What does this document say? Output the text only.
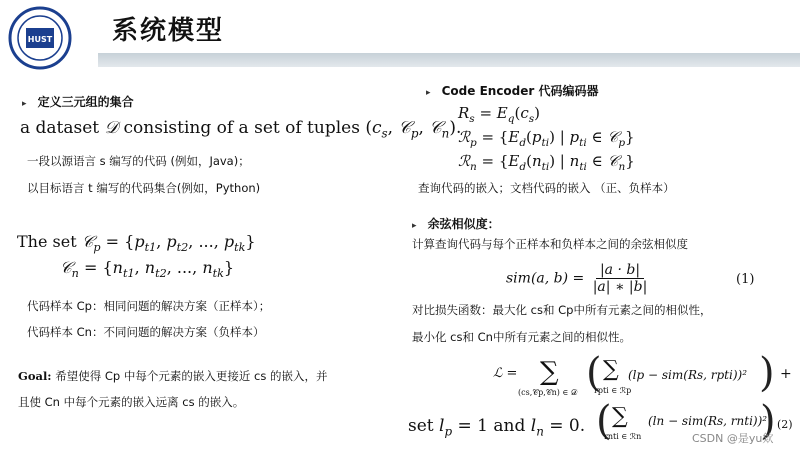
HUST 系统模型
▸ 定义三元组的集合
a dataset 𝒟 consisting of a set of tuples ($c_s$, 𝒞$_p$, 𝒞$_n$).
一段以源语言 s 编写的代码 (例如，Java)；
以目标语言 t 编写的代码集合(例如，Python)
The set 𝒞$_p$ = {$p_{t1}$, $p_{t2}$, ..., $p_{tk}$}
𝒞$_n$ = {$n_{t1}$, $n_{t2}$, ..., $n_{tk}$}
代码样本 Cp：相同问题的解决方案（正样本）；
代码样本 Cn：不同问题的解决方案（负样本）
Goal: 希望使得 Cp 中每个元素的嵌入更接近 cs 的嵌入，并
且使 Cn 中每个元素的嵌入远离 cs 的嵌入。
▸ Code Encoder 代码编码器
$R_s = E_q(c_s)$
ℛ$_p$ = {$E_d(p_{ti})$ | $p_{ti}$ ∈ 𝒞$_p$}
ℛ$_n$ = {$E_d(n_{ti})$ | $n_{ti}$ ∈ 𝒞$_n$}
查询代码的嵌入；文档代码的嵌入 （正、负样本）
▸ 余弦相似度：
计算查询代码与每个正样本和负样本之间的余弦相似度
sim(a, $b) = \frac{|a \cdot b|}{|a| ∗ |b|}$	(1)
对比损失函数：最大化 cs和 Cp中所有元素之间的相似性，
最小化 cs和 Cn中所有元素之间的相似性。
ℒ = ∑
(cs,𝒞p,𝒞n) ∈ 𝒟 ( ∑
rpti ∈ ℛp
(lp − sim(Rs, rpti))² ) +
( ∑
rnti ∈ ℛn
(ln − sim(Rs, rnti))²
) (2)
set $l_p = 1$ and $l_n = 0$.
CSDN @是yu欸
